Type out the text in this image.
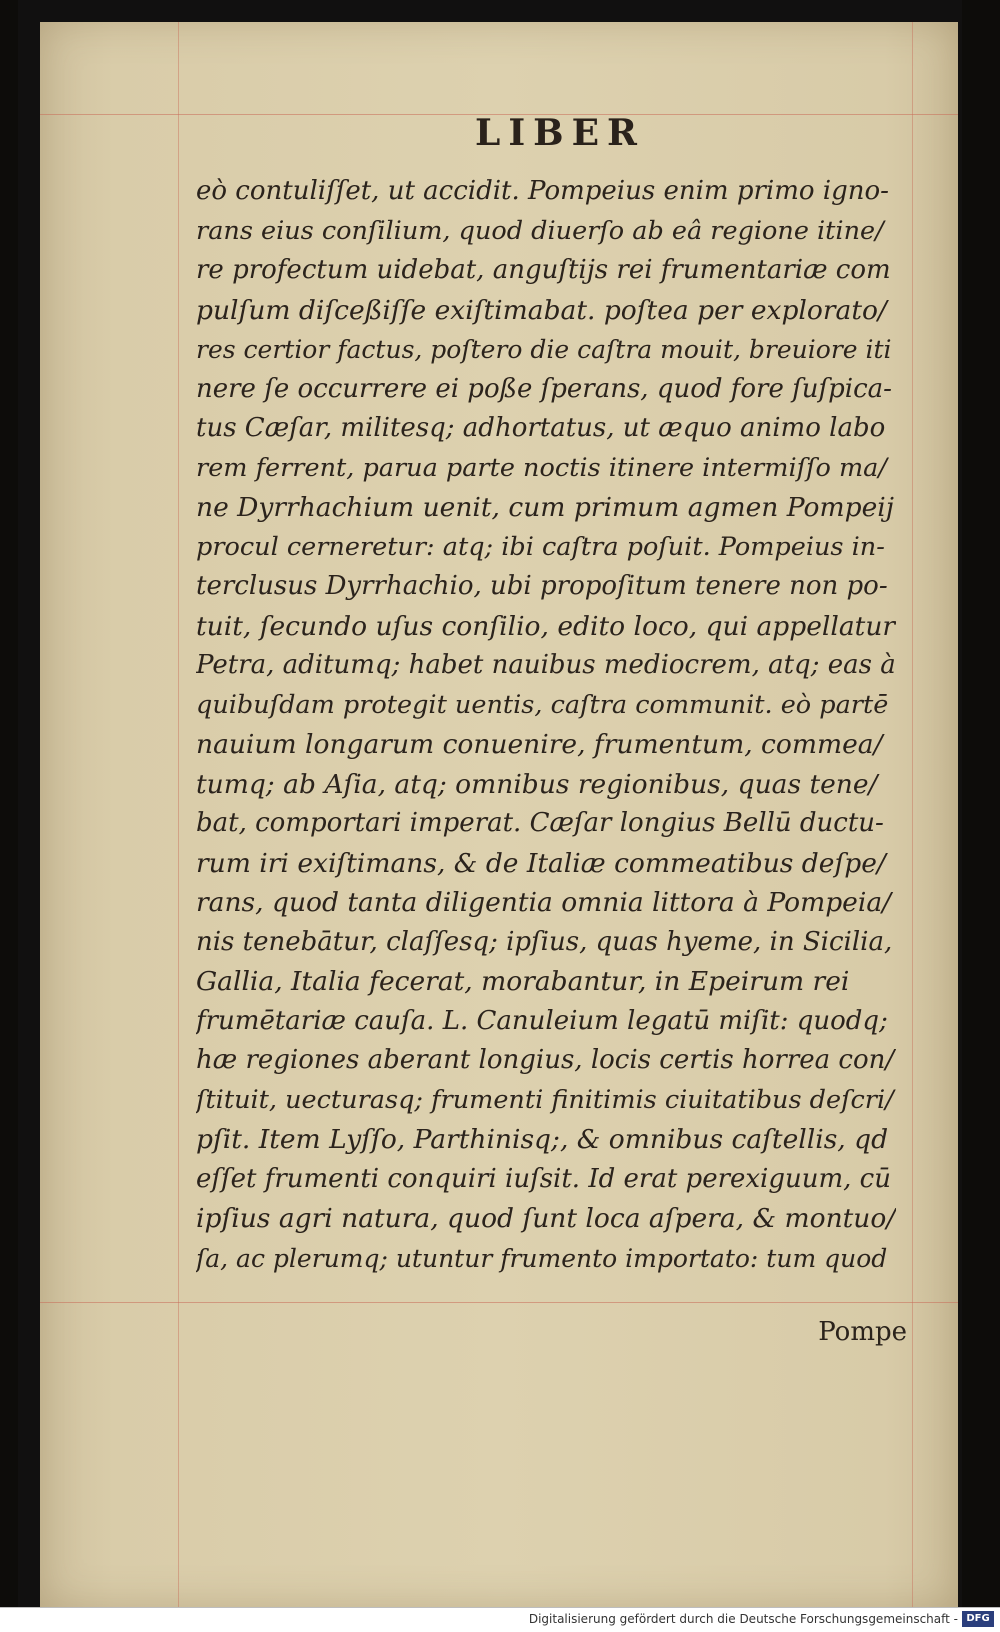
LIBER
eò contuliſſet, ut accidit. Pompeius enim primo igno-
rans eius conſilium, quod diuerſo ab eâ regione itine/
re profectum uidebat, anguſtijs rei frumentariæ com
pulſum diſceßiſſe exiſtimabat. poſtea per explorato/
res certior factus, poſtero die caſtra mouit, breuiore iti
nere ſe occurrere ei poße ſperans, quod fore ſuſpica-
tus Cæſar, militesq; adhortatus, ut æquo animo labo
rem ferrent, parua parte noctis itinere intermiſſo ma/
ne Dyrrhachium uenit, cum primum agmen Pompeij
procul cerneretur: atq; ibi caſtra poſuit. Pompeius in-
terclusus Dyrrhachio, ubi propoſitum tenere non po-
tuit, ſecundo uſus conſilio, edito loco, qui appellatur
Petra, aditumq; habet nauibus mediocrem, atq; eas à
quibuſdam protegit uentis, caſtra communit. eò partē
nauium longarum conuenire, frumentum, commea/
tumq; ab Aſia, atq; omnibus regionibus, quas tene/
bat, comportari imperat. Cæſar longius Bellū ductu-
rum iri exiſtimans, & de Italiæ commeatibus deſpe/
rans, quod tanta diligentia omnia littora à Pompeia/
nis tenebātur, claſſesq; ipſius, quas hyeme, in Sicilia,
Gallia, Italia fecerat, morabantur, in Epeirum rei
frumētariæ cauſa. L. Canuleium legatū miſit: quodq;
hæ regiones aberant longius, locis certis horrea con/
ſtituit, uecturasq; frumenti finitimis ciuitatibus deſcri/
pſit. Item Lyſſo, Parthinisq;, & omnibus caſtellis, qd
eſſet frumenti conquiri iuſsit. Id erat perexiguum, cū
ipſius agri natura, quod ſunt loca aſpera, & montuo/
ſa, ac plerumq; utuntur frumento importato: tum quod
Pompe
Digitalisierung gefördert durch die Deutsche Forschungsgemeinschaft - DFG
